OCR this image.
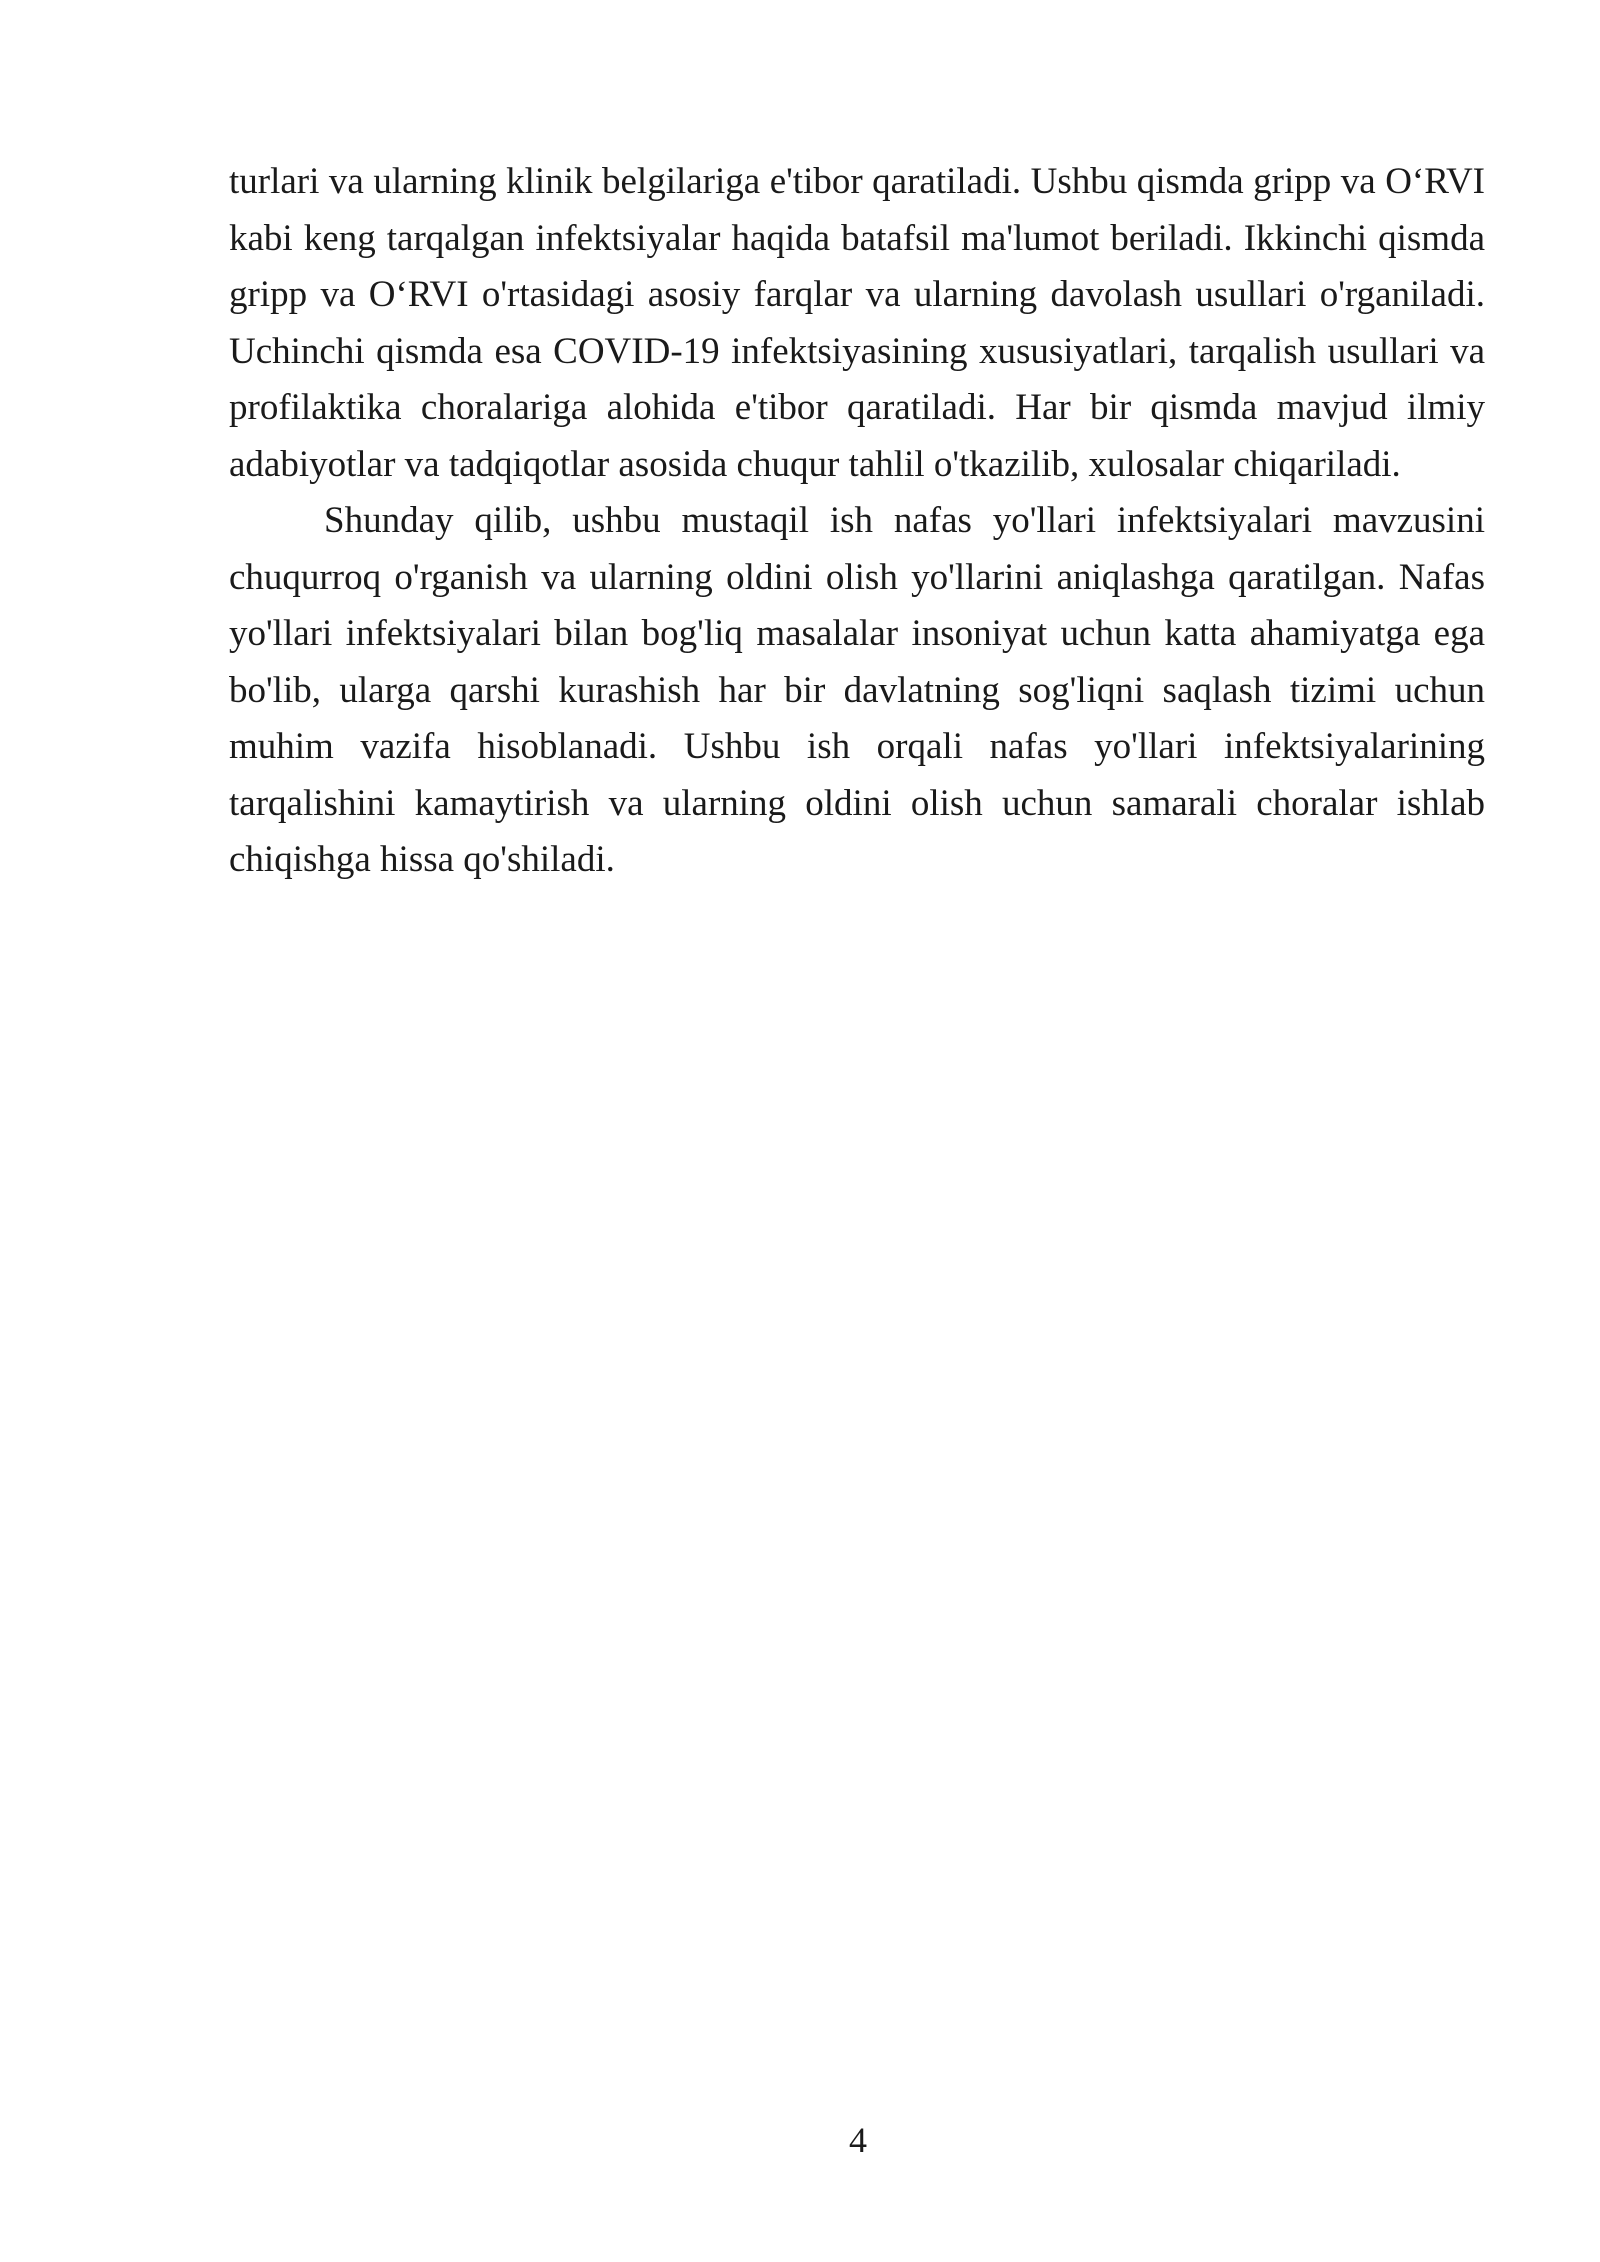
turlari va ularning klinik belgilariga e'tibor qaratiladi. Ushbu qismda gripp va O‘RVI kabi keng tarqalgan infektsiyalar haqida batafsil ma'lumot beriladi. Ikkinchi qismda gripp va O‘RVI o'rtasidagi asosiy farqlar va ularning davolash usullari o'rganiladi. Uchinchi qismda esa COVID-19 infektsiyasining xususiyatlari, tarqalish usullari va profilaktika choralariga alohida e'tibor qaratiladi. Har bir qismda mavjud ilmiy adabiyotlar va tadqiqotlar asosida chuqur tahlil o'tkazilib, xulosalar chiqariladi.

Shunday qilib, ushbu mustaqil ish nafas yo'llari infektsiyalari mavzusini chuqurroq o'rganish va ularning oldini olish yo'llarini aniqlashga qaratilgan. Nafas yo'llari infektsiyalari bilan bog'liq masalalar insoniyat uchun katta ahamiyatga ega bo'lib, ularga qarshi kurashish har bir davlatning sog'liqni saqlash tizimi uchun muhim vazifa hisoblanadi. Ushbu ish orqali nafas yo'llari infektsiyalarining tarqalishini kamaytirish va ularning oldini olish uchun samarali choralar ishlab chiqishga hissa qo'shiladi.

4
